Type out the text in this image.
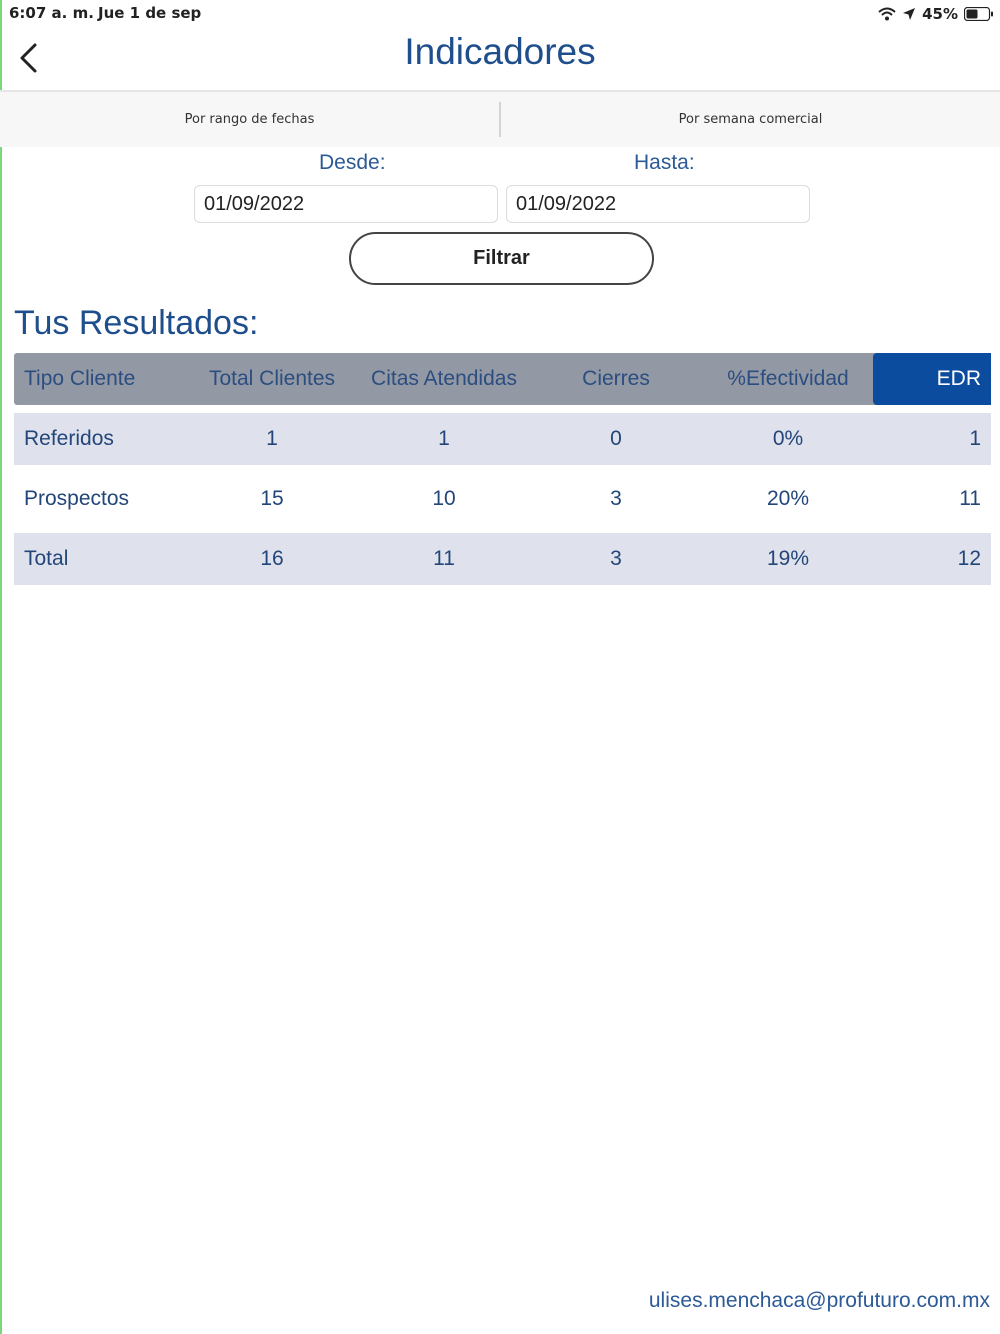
6:07 a. m. Jue 1 de sep	45%
Indicadores
Por rango de fechas	Por semana comercial
Desde:	Hasta:
01/09/2022
01/09/2022
Filtrar
Tus Resultados:
Tipo Cliente	Total Clientes	Citas Atendidas	Cierres	%Efectividad	EDR
Referidos	1	1	0	0%	1
Prospectos	15	10	3	20%	11
Total	16	11	3	19%	12
ulises.menchaca@profuturo.com.mx
